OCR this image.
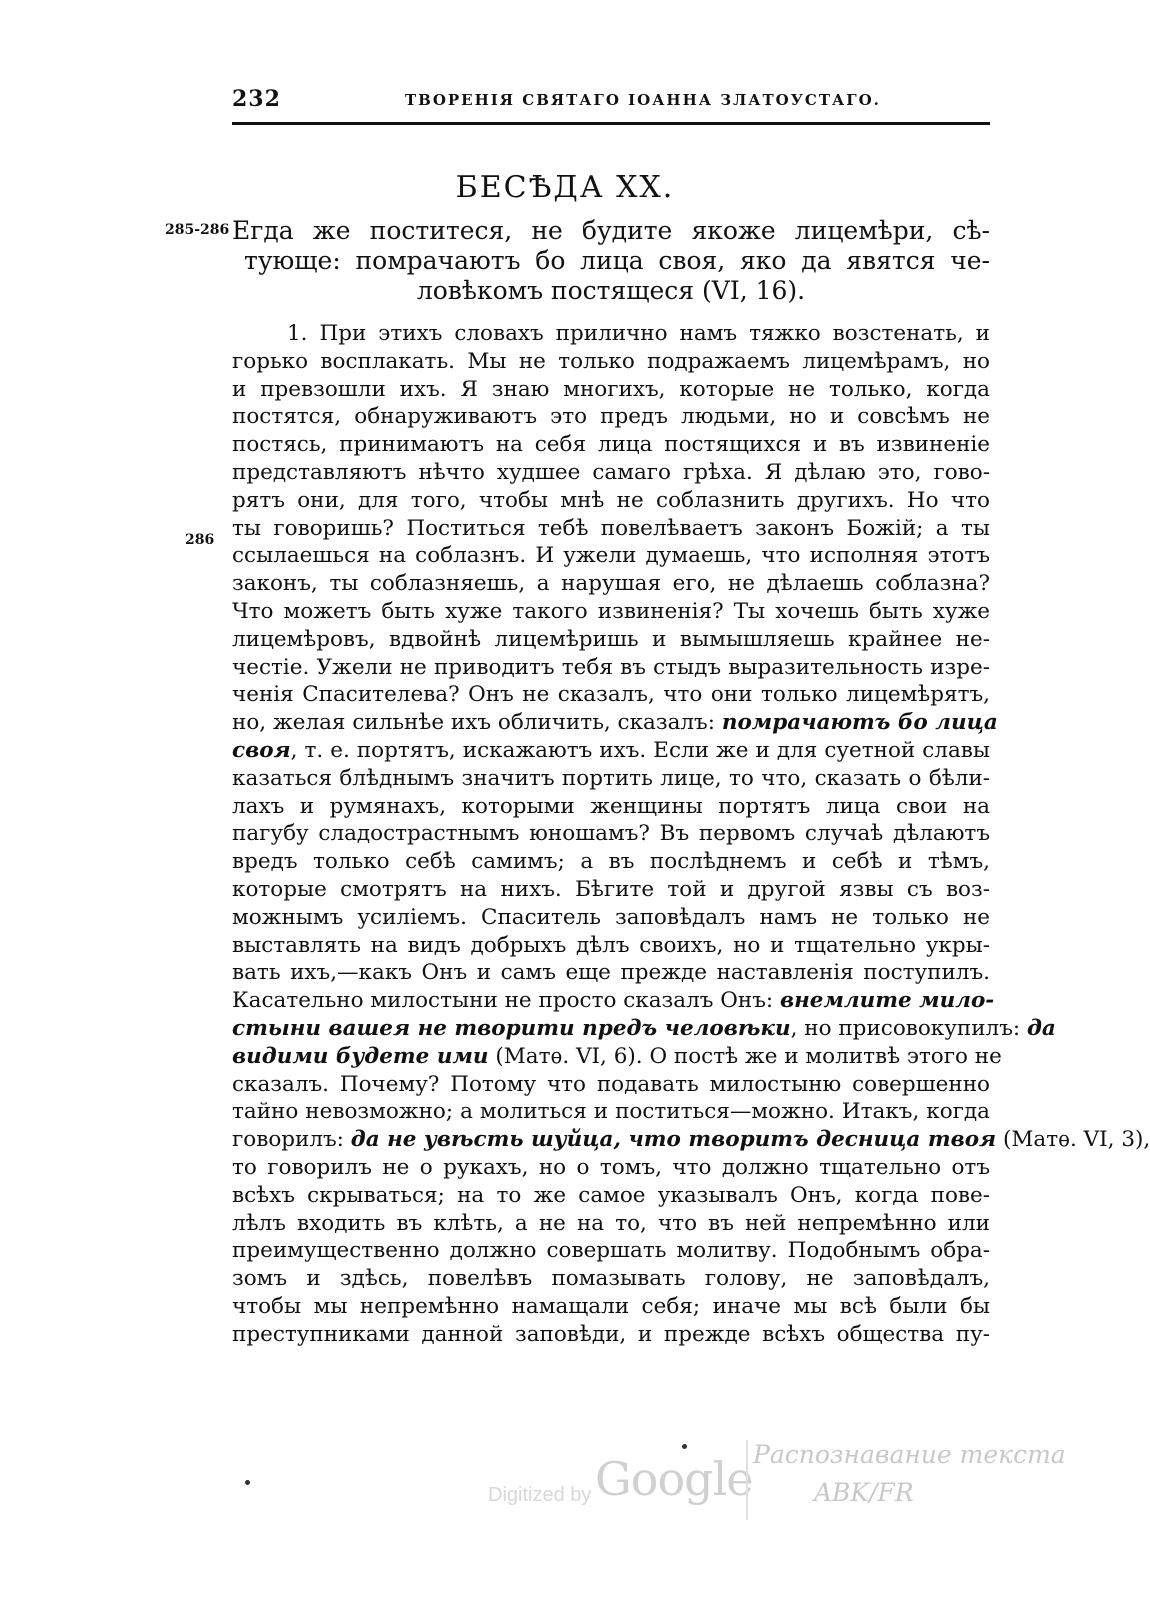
232	ТВОРЕНІЯ СВЯТАГО ІОАННА ЗЛАТОУСТАГО.
БЕСѢДА XX.
285-286
286
Егда же поститеся, не будите якоже лицемѣри, сѣ-
тующе: помрачаютъ бо лица своя, яко да явятся че-
ловѣкомъ постящеся (VI, 16).
1. При этихъ словахъ прилично намъ тяжко возстенать, и
горько восплакать. Мы не только подражаемъ лицемѣрамъ, но
и превзошли ихъ. Я знаю многихъ, которые не только, когда
постятся, обнаруживаютъ это предъ людьми, но и совсѣмъ не
постясь, принимаютъ на себя лица постящихся и въ извиненіе
представляютъ нѣчто худшее самаго грѣха. Я дѣлаю это, гово-
рятъ они, для того, чтобы мнѣ не соблазнить другихъ. Но что
ты говоришь? Поститься тебѣ повелѣваетъ законъ Божій; а ты
ссылаешься на соблазнъ. И ужели думаешь, что исполняя этотъ
законъ, ты соблазняешь, а нарушая его, не дѣлаешь соблазна?
Что можетъ быть хуже такого извиненія? Ты хочешь быть хуже
лицемѣровъ, вдвойнѣ лицемѣришь и вымышляешь крайнее не-
честіе. Ужели не приводитъ тебя въ стыдъ выразительность изре-
ченія Спасителева? Онъ не сказалъ, что они только лицемѣрятъ,
но, желая сильнѣе ихъ обличить, сказалъ: помрачаютъ бо лица
своя, т. е. портятъ, искажаютъ ихъ. Если же и для суетной славы
казаться блѣднымъ значитъ портить лице, то что, сказать о бѣли-
лахъ и румянахъ, которыми женщины портятъ лица свои на
пагубу сладострастнымъ юношамъ? Въ первомъ случаѣ дѣлаютъ
вредъ только себѣ самимъ; а въ послѣднемъ и себѣ и тѣмъ,
которые смотрятъ на нихъ. Бѣгите той и другой язвы съ воз-
можнымъ усиліемъ. Спаситель заповѣдалъ намъ не только не
выставлять на видъ добрыхъ дѣлъ своихъ, но и тщательно укры-
вать ихъ,—какъ Онъ и самъ еще прежде наставленія поступилъ.
Касательно милостыни не просто сказалъ Онъ: внемлите мило-
стыни вашея не творити предъ человѣки, но присовокупилъ: да
видими будете ими (Матѳ. VI, 6). О постѣ же и молитвѣ этого не
сказалъ. Почему? Потому что подавать милостыню совершенно
тайно невозможно; а молиться и поститься—можно. Итакъ, когда
говорилъ: да не увѣсть шуйца, что творитъ десница твоя (Матѳ. VI, 3),
то говорилъ не о рукахъ, но о томъ, что должно тщательно отъ
всѣхъ скрываться; на то же самое указывалъ Онъ, когда пове-
лѣлъ входить въ клѣть, а не на то, что въ ней непремѣнно или
преимущественно должно совершать молитву. Подобнымъ обра-
зомъ и здѣсь, повелѣвъ помазывать голову, не заповѣдалъ,
чтобы мы непремѣнно намащали себя; иначе мы всѣ были бы
преступниками данной заповѣди, и прежде всѣхъ общества пу-
Digitized by Google Распознавание текста
ABK/FR
